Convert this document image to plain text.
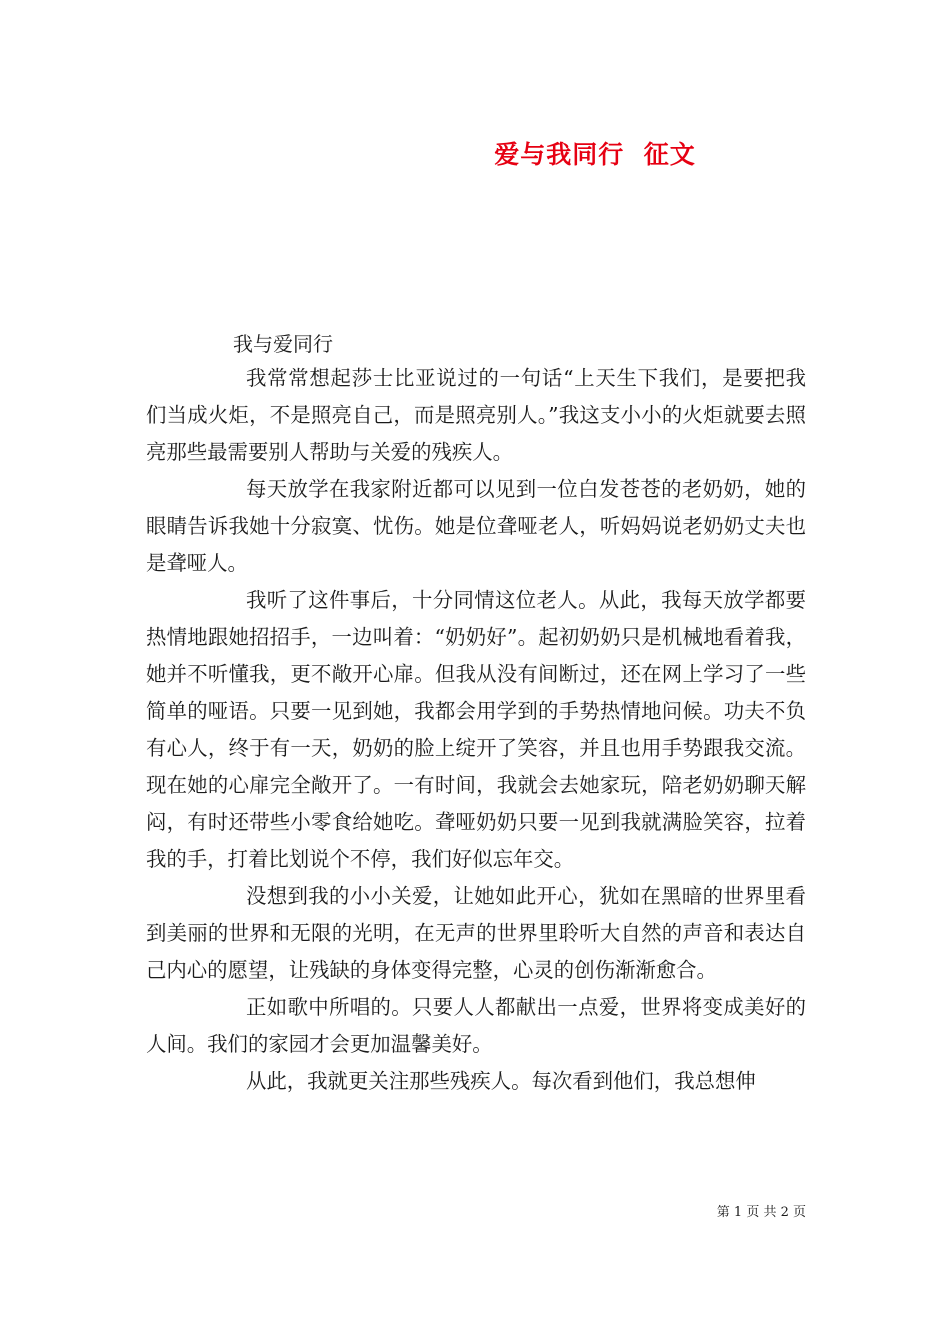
爱与我同行  征文
我与爱同行

我常常想起莎士比亚说过的一句话“上天生下我们，是要把我们当成火炬，不是照亮自己，而是照亮别人。”我这支小小的火炬就要去照亮那些最需要别人帮助与关爱的残疾人。

每天放学在我家附近都可以见到一位白发苍苍的老奶奶，她的眼睛告诉我她十分寂寞、忧伤。她是位聋哑老人，听妈妈说老奶奶丈夫也是聋哑人。

我听了这件事后，十分同情这位老人。从此，我每天放学都要热情地跟她招招手，一边叫着：“奶奶好”。起初奶奶只是机械地看着我，她并不听懂我，更不敞开心扉。但我从没有间断过，还在网上学习了一些简单的哑语。只要一见到她，我都会用学到的手势热情地问候。功夫不负有心人，终于有一天，奶奶的脸上绽开了笑容，并且也用手势跟我交流。现在她的心扉完全敞开了。一有时间，我就会去她家玩，陪老奶奶聊天解闷，有时还带些小零食给她吃。聋哑奶奶只要一见到我就满脸笑容，拉着我的手，打着比划说个不停，我们好似忘年交。

没想到我的小小关爱，让她如此开心，犹如在黑暗的世界里看到美丽的世界和无限的光明，在无声的世界里聆听大自然的声音和表达自己内心的愿望，让残缺的身体变得完整，心灵的创伤渐渐愈合。

正如歌中所唱的。只要人人都献出一点爱，世界将变成美好的人间。我们的家园才会更加温馨美好。

从此，我就更关注那些残疾人。每次看到他们，我总想伸

第 1 页 共 2 页
